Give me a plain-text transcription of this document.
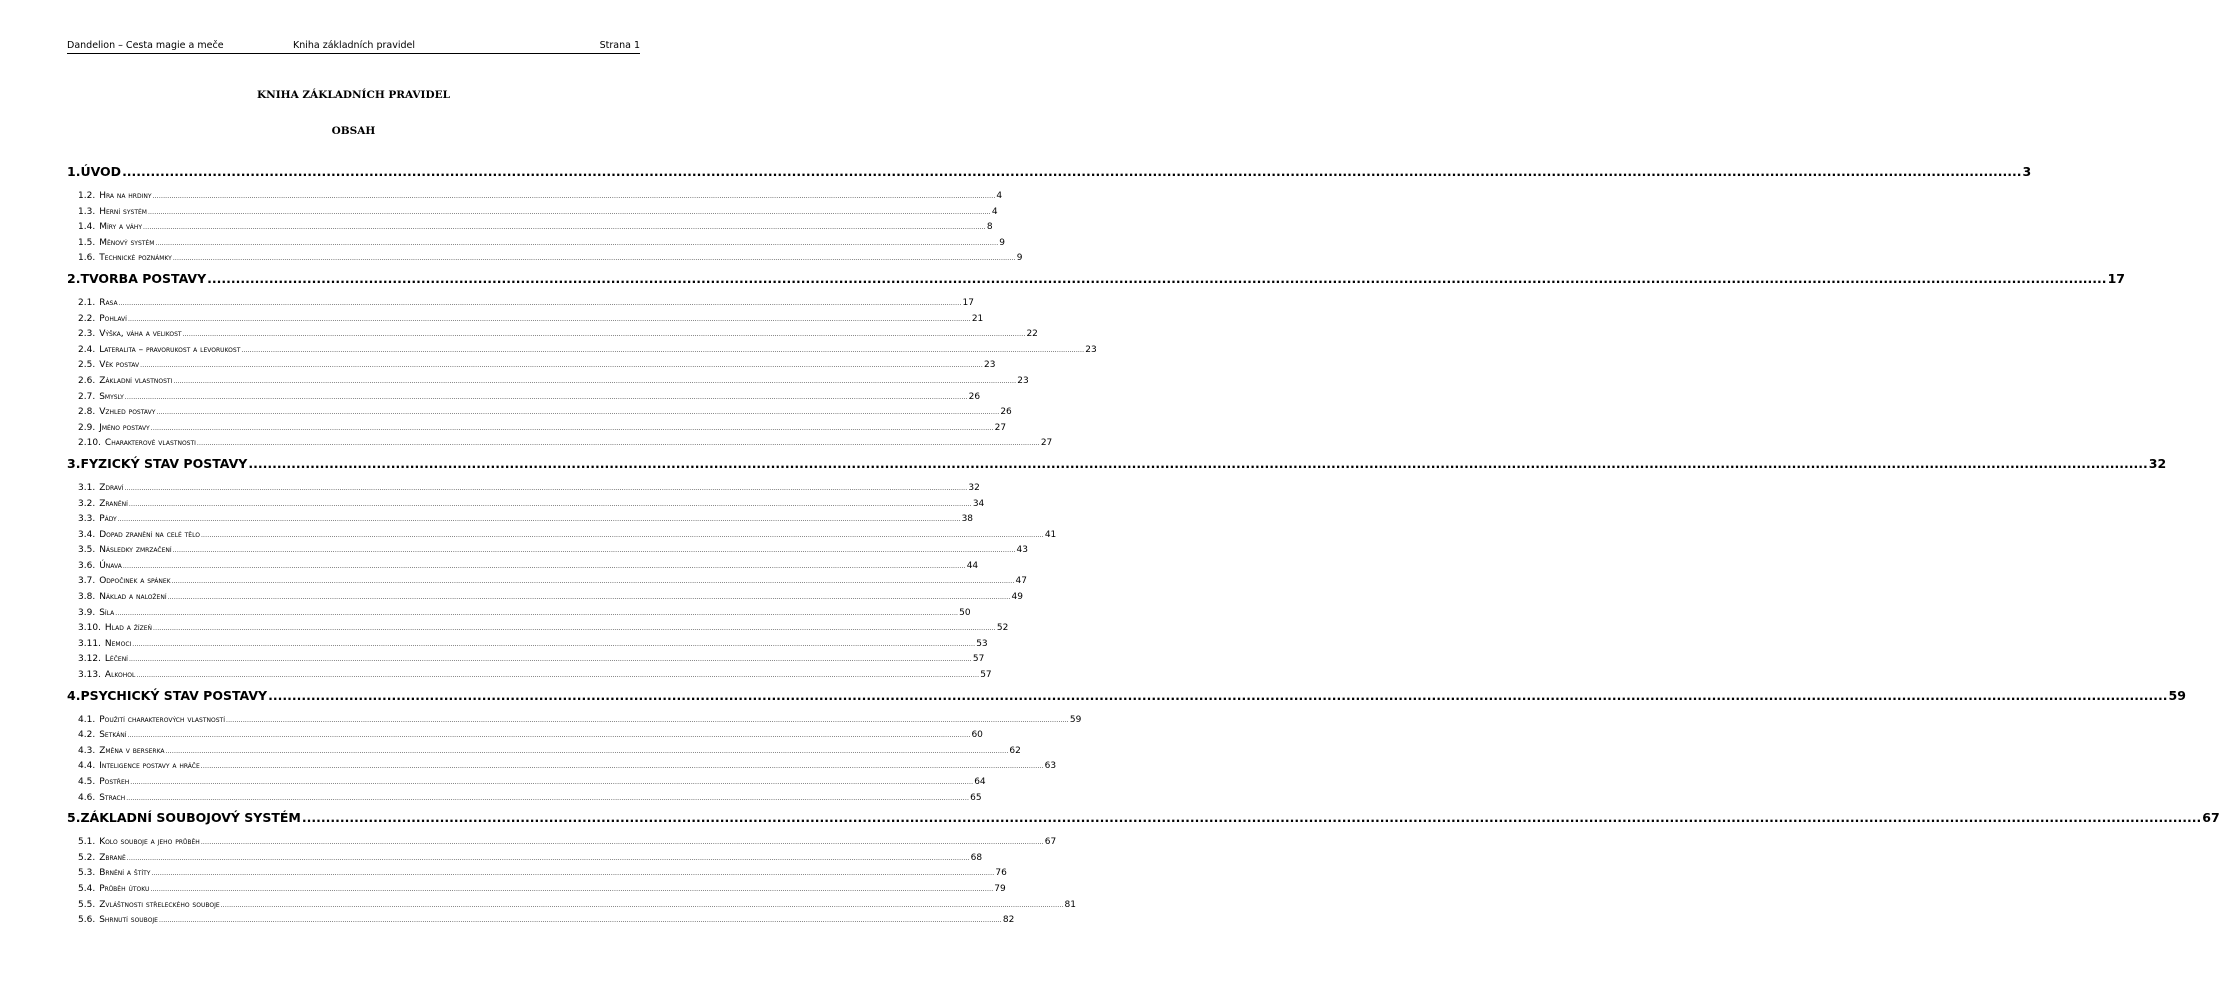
Dandelion – Cesta magie a meče	Kniha základních pravidel	Strana 1
KNIHA ZÁKLADNÍCH PRAVIDEL
OBSAH
1. ÚVOD ................................................................................................................................................................................................................................................................................................................................................................................................................ 3
1.2. Hra na hrdiny ................................................................................................................................................................................................................................................................................................................................................................................................................ 4
1.3. Herní systém ................................................................................................................................................................................................................................................................................................................................................................................................................ 4
1.4. Míry a váhy ................................................................................................................................................................................................................................................................................................................................................................................................................ 8
1.5. Měnový systém ................................................................................................................................................................................................................................................................................................................................................................................................................ 9
1.6. Technické poznámky ................................................................................................................................................................................................................................................................................................................................................................................................................ 9
2. TVORBA POSTAVY ................................................................................................................................................................................................................................................................................................................................................................................................................ 17
2.1. Rasa ................................................................................................................................................................................................................................................................................................................................................................................................................ 17
2.2. Pohlaví ................................................................................................................................................................................................................................................................................................................................................................................................................ 21
2.3. Výška, váha a velikost ................................................................................................................................................................................................................................................................................................................................................................................................................ 22
2.4. Lateralita – pravorukost a levorukost ................................................................................................................................................................................................................................................................................................................................................................................................................ 23
2.5. Věk postav ................................................................................................................................................................................................................................................................................................................................................................................................................ 23
2.6. Základní vlastnosti ................................................................................................................................................................................................................................................................................................................................................................................................................ 23
2.7. Smysly ................................................................................................................................................................................................................................................................................................................................................................................................................ 26
2.8. Vzhled postavy ................................................................................................................................................................................................................................................................................................................................................................................................................ 26
2.9. Jméno postavy ................................................................................................................................................................................................................................................................................................................................................................................................................ 27
2.10. Charakterové vlastnosti ................................................................................................................................................................................................................................................................................................................................................................................................................ 27
3. FYZICKÝ STAV POSTAVY ................................................................................................................................................................................................................................................................................................................................................................................................................ 32
3.1. Zdraví ................................................................................................................................................................................................................................................................................................................................................................................................................ 32
3.2. Zranění ................................................................................................................................................................................................................................................................................................................................................................................................................ 34
3.3. Pády ................................................................................................................................................................................................................................................................................................................................................................................................................ 38
3.4. Dopad zranění na celé tělo ................................................................................................................................................................................................................................................................................................................................................................................................................ 41
3.5. Následky zmrzačení ................................................................................................................................................................................................................................................................................................................................................................................................................ 43
3.6. Únava ................................................................................................................................................................................................................................................................................................................................................................................................................ 44
3.7. Odpočinek a spánek ................................................................................................................................................................................................................................................................................................................................................................................................................ 47
3.8. Náklad a naložení ................................................................................................................................................................................................................................................................................................................................................................................................................ 49
3.9. Síla ................................................................................................................................................................................................................................................................................................................................................................................................................ 50
3.10. Hlad a žízeň ................................................................................................................................................................................................................................................................................................................................................................................................................ 52
3.11. Nemoci ................................................................................................................................................................................................................................................................................................................................................................................................................ 53
3.12. Léčení ................................................................................................................................................................................................................................................................................................................................................................................................................ 57
3.13. Alkohol ................................................................................................................................................................................................................................................................................................................................................................................................................ 57
4. PSYCHICKÝ STAV POSTAVY ................................................................................................................................................................................................................................................................................................................................................................................................................ 59
4.1. Použití charakterových vlastností ................................................................................................................................................................................................................................................................................................................................................................................................................ 59
4.2. Setkání ................................................................................................................................................................................................................................................................................................................................................................................................................ 60
4.3. Změna v berserka ................................................................................................................................................................................................................................................................................................................................................................................................................ 62
4.4. Inteligence postavy a hráče ................................................................................................................................................................................................................................................................................................................................................................................................................ 63
4.5. Postřeh ................................................................................................................................................................................................................................................................................................................................................................................................................ 64
4.6. Strach ................................................................................................................................................................................................................................................................................................................................................................................................................ 65
5. ZÁKLADNÍ SOUBOJOVÝ SYSTÉM ................................................................................................................................................................................................................................................................................................................................................................................................................ 67
5.1. Kolo souboje a jeho průběh ................................................................................................................................................................................................................................................................................................................................................................................................................ 67
5.2. Zbraně ................................................................................................................................................................................................................................................................................................................................................................................................................ 68
5.3. Brnění a štíty ................................................................................................................................................................................................................................................................................................................................................................................................................ 76
5.4. Průběh útoku ................................................................................................................................................................................................................................................................................................................................................................................................................ 79
5.5. Zvláštnosti střeleckého souboje ................................................................................................................................................................................................................................................................................................................................................................................................................ 81
5.6. Shrnutí souboje ................................................................................................................................................................................................................................................................................................................................................................................................................ 82
